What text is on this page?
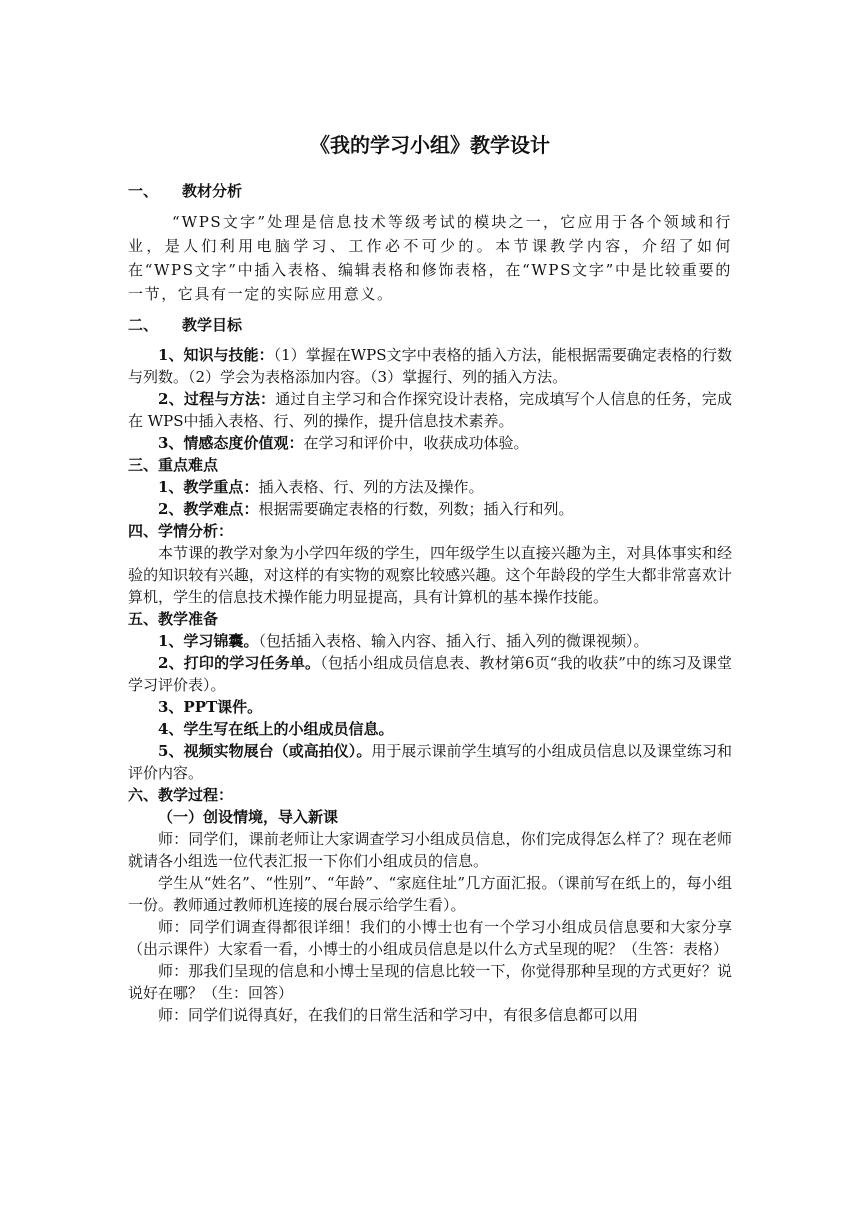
《我的学习小组》教学设计
一、 教材分析

“WPS文字”处理是信息技术等级考试的模块之一，它应用于各个领域和行业，是人们利用电脑学习、工作必不可少的。本节课教学内容，介绍了如何在“WPS文字”中插入表格、编辑表格和修饰表格，在“WPS文字”中是比较重要的一节，它具有一定的实际应用意义。

二、 教学目标

1、知识与技能：（1）掌握在WPS文字中表格的插入方法，能根据需要确定表格的行数与列数。（2）学会为表格添加内容。（3）掌握行、列的插入方法。

2、过程与方法：通过自主学习和合作探究设计表格，完成填写个人信息的任务，完成在 WPS中插入表格、行、列的操作，提升信息技术素养。

3、情感态度价值观：在学习和评价中，收获成功体验。

三、重点难点

1、教学重点：插入表格、行、列的方法及操作。

2、教学难点：根据需要确定表格的行数，列数；插入行和列。

四、学情分析：

本节课的教学对象为小学四年级的学生，四年级学生以直接兴趣为主，对具体事实和经验的知识较有兴趣，对这样的有实物的观察比较感兴趣。这个年龄段的学生大都非常喜欢计算机，学生的信息技术操作能力明显提高，具有计算机的基本操作技能。

五、教学准备

1、学习锦囊。（包括插入表格、输入内容、插入行、插入列的微课视频）。

2、打印的学习任务单。（包括小组成员信息表、教材第6页“我的收获”中的练习及课堂学习评价表）。

3、PPT课件。

4、学生写在纸上的小组成员信息。

5、视频实物展台（或高拍仪）。用于展示课前学生填写的小组成员信息以及课堂练习和评价内容。

六、教学过程：
（一）创设情境，导入新课

师：同学们，课前老师让大家调查学习小组成员信息，你们完成得怎么样了？现在老师就请各小组选一位代表汇报一下你们小组成员的信息。

学生从“姓名”、“性别”、“年龄”、“家庭住址”几方面汇报。（课前写在纸上的，每小组一份。教师通过教师机连接的展台展示给学生看）。

师：同学们调查得都很详细！我们的小博士也有一个学习小组成员信息要和大家分享（出示课件）大家看一看，小博士的小组成员信息是以什么方式呈现的呢？（生答：表格）

师：那我们呈现的信息和小博士呈现的信息比较一下，你觉得那种呈现的方式更好？说说好在哪？（生：回答）

师：同学们说得真好，在我们的日常生活和学习中，有很多信息都可以用
